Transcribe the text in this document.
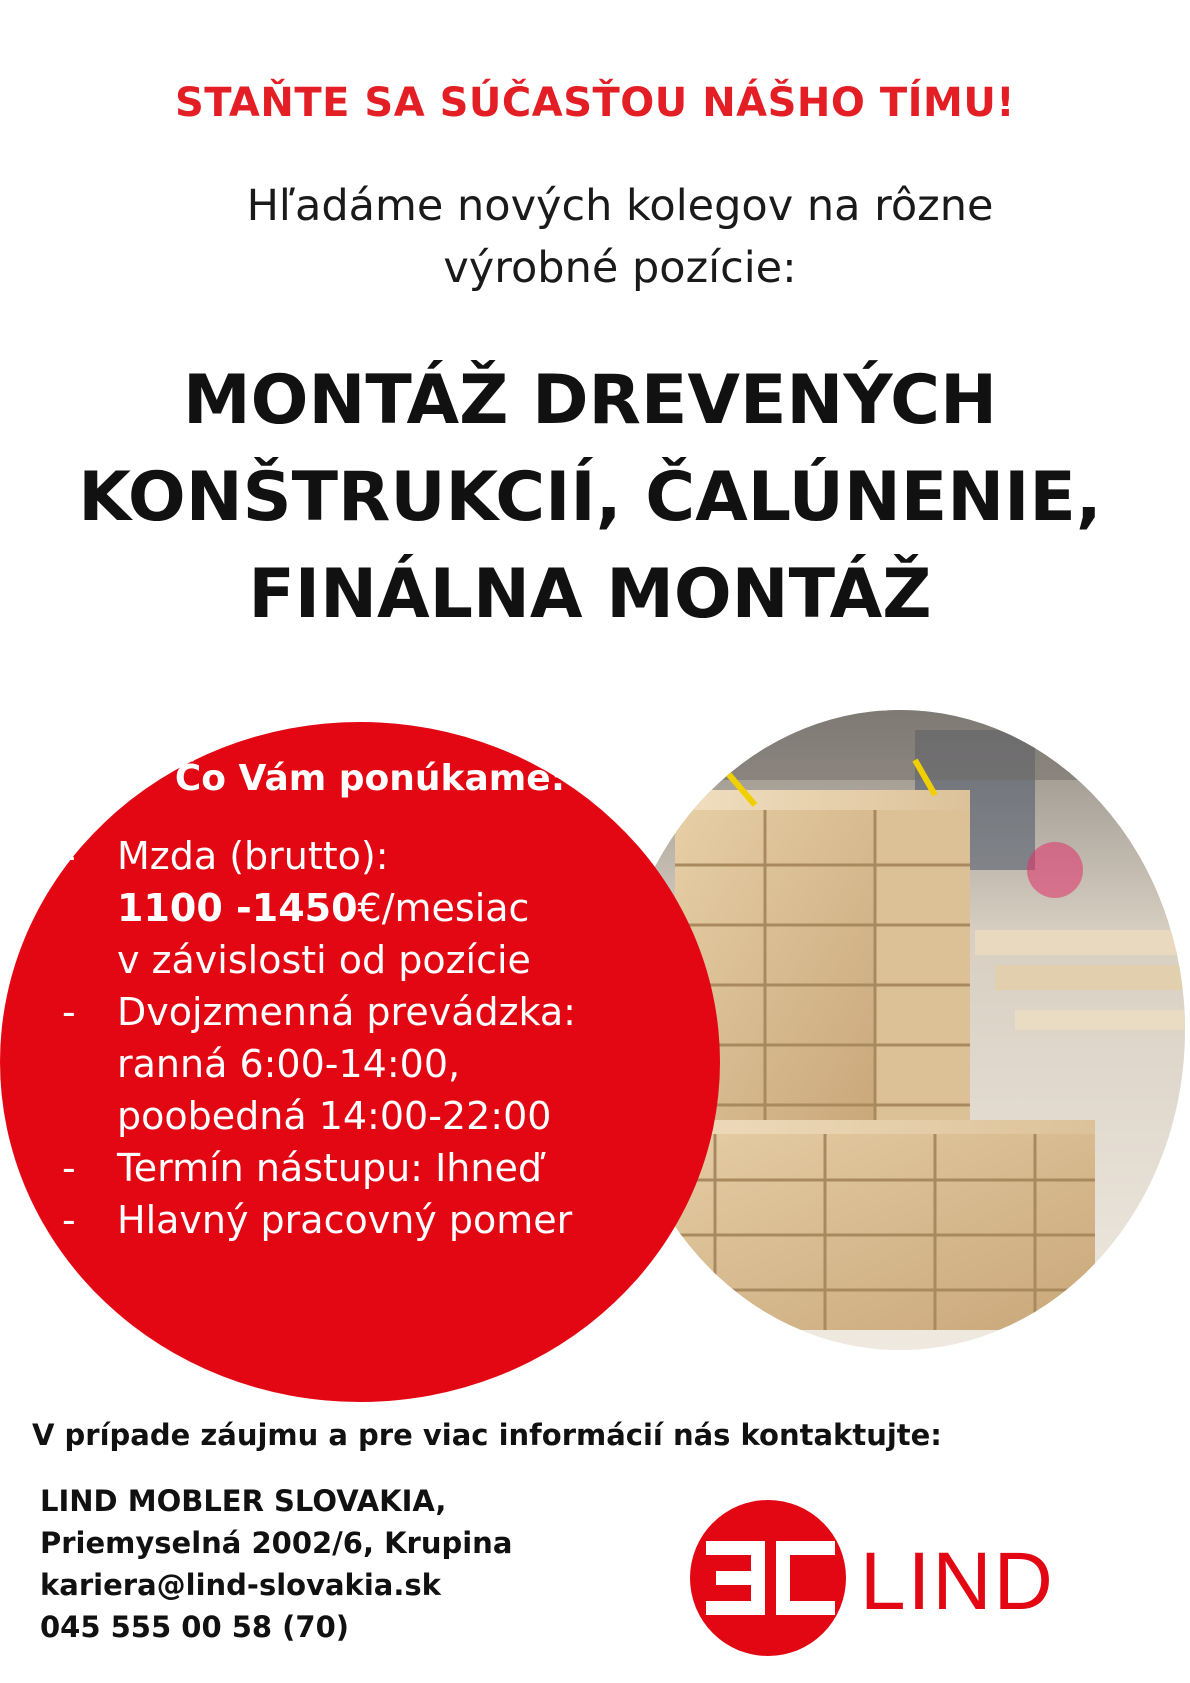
STAŇTE SA SÚČASŤOU NÁŠHO TÍMU!
Hľadáme nových kolegov na rôzne
výrobné pozície:
MONTÁŽ DREVENÝCH
KONŠTRUKCIÍ, ČALÚNENIE,
FINÁLNA MONTÁŽ
Čo Vám ponúkame:
- Mzda (brutto):
1100 -1450€/mesiac
v závislosti od pozície
- Dvojzmenná prevádzka:
ranná 6:00-14:00,
poobedná 14:00-22:00
- Termín nástupu: Ihneď
- Hlavný pracovný pomer
V prípade záujmu a pre viac informácií nás kontaktujte:
LIND MOBLER SLOVAKIA,
Priemyselná 2002/6, Krupina
kariera@lind-slovakia.sk
045 555 00 58 (70)	LIND
